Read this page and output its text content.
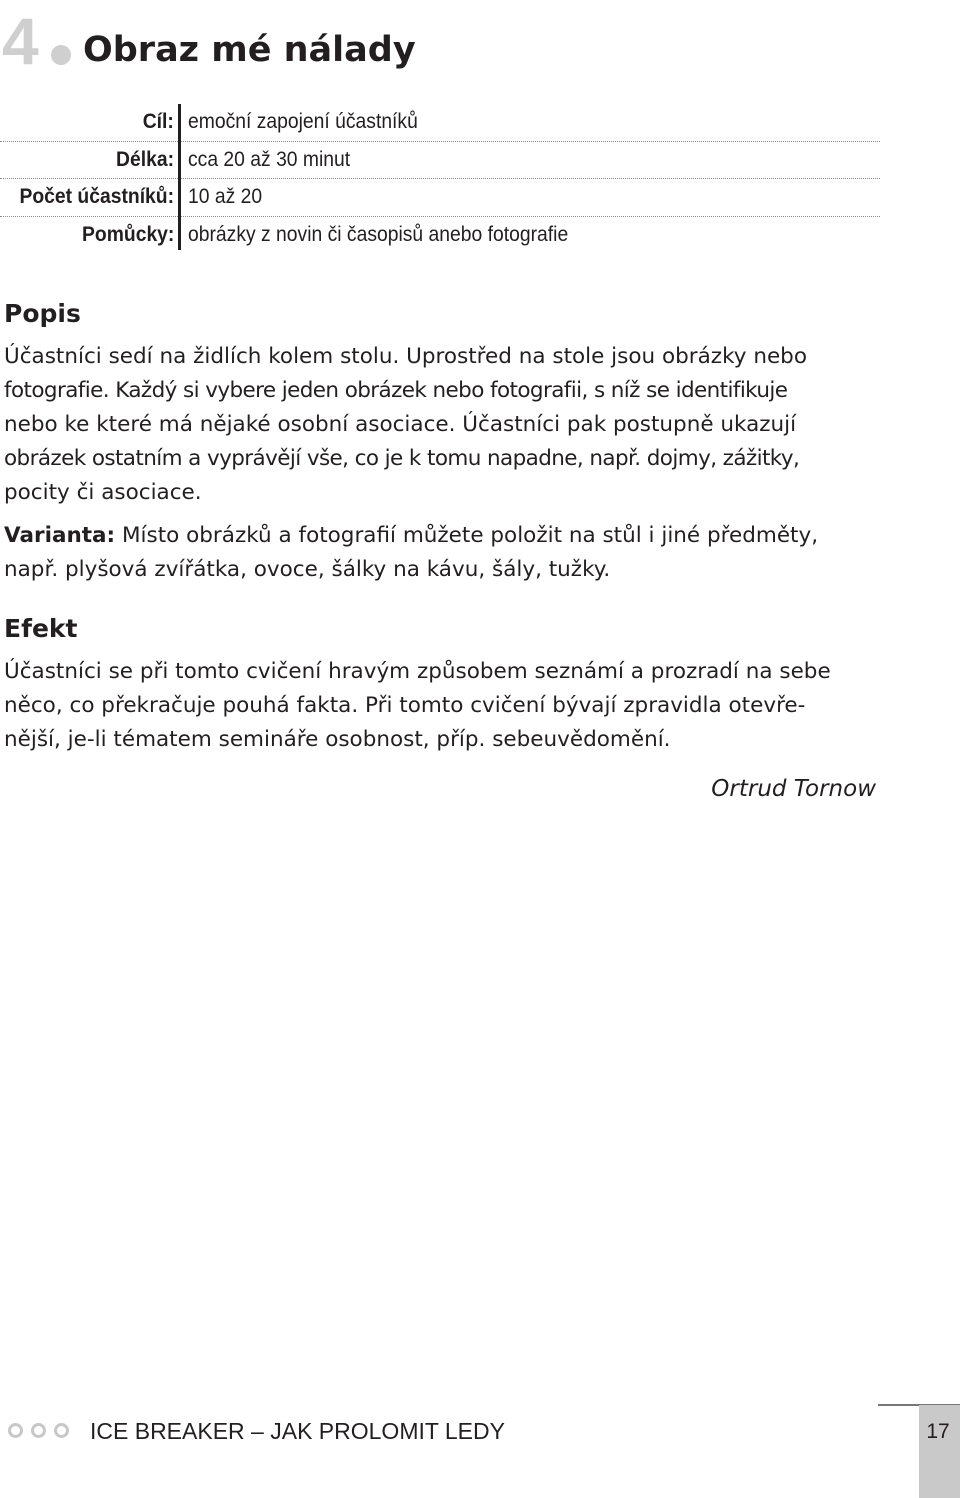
4 Obraz mé nálady
Cíl: emoční zapojení účastníků
Délka: cca 20 až 30 minut
Počet účastníků: 10 až 20
Pomůcky: obrázky z novin či časopisů anebo fotografie
Popis
Účastníci sedí na židlích kolem stolu. Uprostřed na stole jsou obrázky nebo
fotografie. Každý si vybere jeden obrázek nebo fotografii, s níž se identifikuje
nebo ke které má nějaké osobní asociace. Účastníci pak postupně ukazují
obrázek ostatním a vyprávějí vše, co je k tomu napadne, např. dojmy, zážitky,
pocity či asociace.
Varianta: Místo obrázků a fotografií můžete položit na stůl i jiné předměty,
např. plyšová zvířátka, ovoce, šálky na kávu, šály, tužky.
Efekt
Účastníci se při tomto cvičení hravým způsobem seznámí a prozradí na sebe
něco, co překračuje pouhá fakta. Při tomto cvičení bývají zpravidla otevře-
nější, je-li tématem semináře osobnost, příp. sebeuvědomění.
Ortrud Tornow
ICE BREAKER – JAK PROLOMIT LEDY	17
